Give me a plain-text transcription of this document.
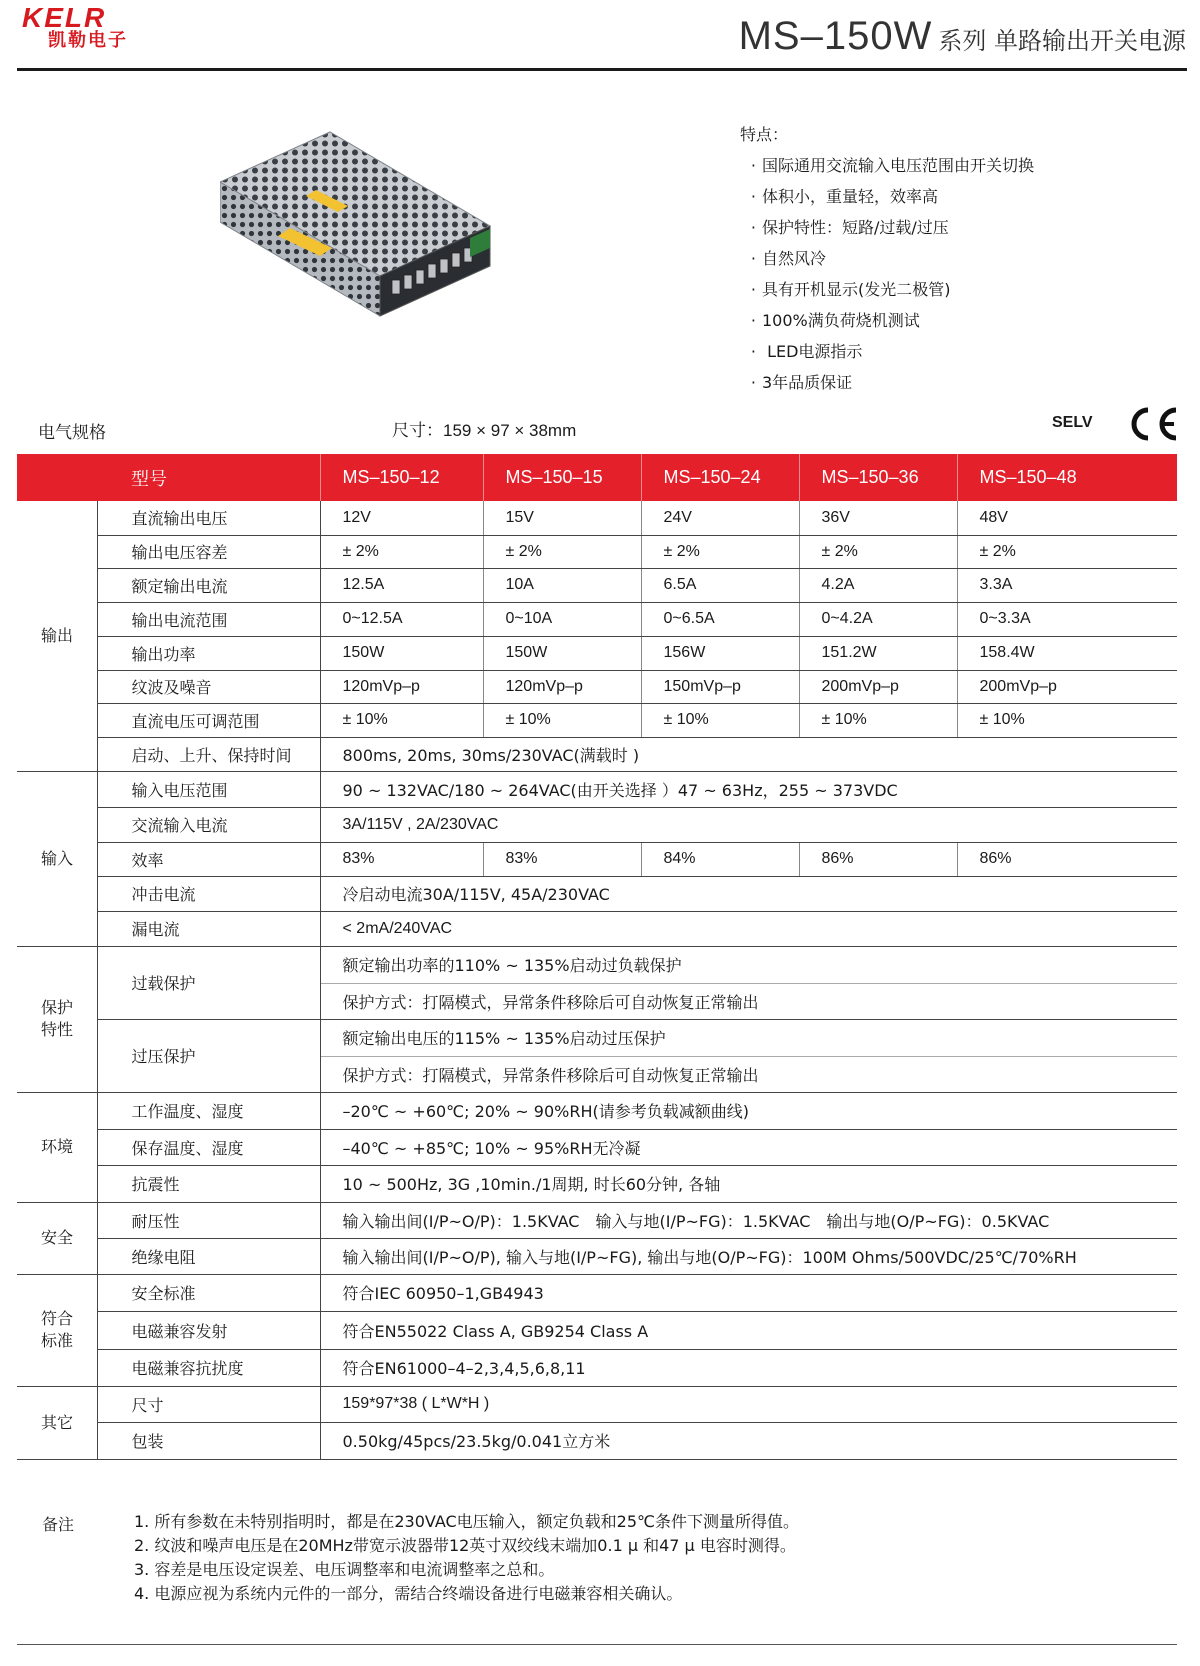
KELR
凯勒电子	MS–150W 系列 单路输出开关电源
特点：
· 国际通用交流输入电压范围由开关切换
· 体积小，重量轻，效率高
· 保护特性：短路/过载/过压
· 自然风冷
· 具有开机显示(发光二极管)
· 100%满负荷烧机测试
· LED电源指示
· 3年品质保证
电气规格	尺寸：159 × 97 × 38mm	SELV
	型号	MS–150–12	MS–150–15	MS–150–24	MS–150–36	MS–150–48
输出	直流输出电压	12V	15V	24V	36V	48V
	输出电压容差	± 2%	± 2%	± 2%	± 2%	± 2%
	额定输出电流	12.5A	10A	6.5A	4.2A	3.3A
	输出电流范围	0~12.5A	0~10A	0~6.5A	0~4.2A	0~3.3A
	输出功率	150W	150W	156W	151.2W	158.4W
	纹波及噪音	120mVp–p	120mVp–p	150mVp–p	200mVp–p	200mVp–p
	直流电压可调范围	± 10%	± 10%	± 10%	± 10%	± 10%
	启动、上升、保持时间	800ms, 20ms, 30ms/230VAC(满载时 )				
输入	输入电压范围	90 ~ 132VAC/180 ~ 264VAC(由开关选择 ）47 ~ 63Hz，255 ~ 373VDC				
	交流输入电流	3A/115V , 2A/230VAC				
	效率	83%	83%	84%	86%	86%
	冲击电流	冷启动电流30A/115V, 45A/230VAC				
	漏电流	< 2mA/240VAC				
保护
特性	过载保护	额定输出功率的110% ~ 135%启动过负载保护				
		保护方式：打隔模式，异常条件移除后可自动恢复正常输出				
	过压保护	额定输出电压的115% ~ 135%启动过压保护				
		保护方式：打隔模式，异常条件移除后可自动恢复正常输出				
环境	工作温度、湿度	–20℃ ~ +60℃; 20% ~ 90%RH(请参考负载减额曲线)				
	保存温度、湿度	–40℃ ~ +85℃; 10% ~ 95%RH无冷凝				
	抗震性	10 ~ 500Hz, 3G ,10min./1周期, 时长60分钟, 各轴				
安全	耐压性	输入输出间(I/P~O/P)：1.5KVAC　输入与地(I/P~FG)：1.5KVAC　输出与地(O/P~FG)：0.5KVAC				
	绝缘电阻	输入输出间(I/P~O/P), 输入与地(I/P~FG), 输出与地(O/P~FG)：100M Ohms/500VDC/25℃/70%RH				
符合
标准	安全标准	符合IEC 60950–1,GB4943				
	电磁兼容发射	符合EN55022 Class A, GB9254 Class A				
	电磁兼容抗扰度	符合EN61000–4–2,3,4,5,6,8,11				
其它	尺寸	159*97*38 ( L*W*H )				
	包装	0.50kg/45pcs/23.5kg/0.041立方米				
备注	1. 所有参数在未特别指明时，都是在230VAC电压输入，额定负载和25℃条件下测量所得值。
2. 纹波和噪声电压是在20MHz带宽示波器带12英寸双绞线末端加0.1 μ 和47 μ 电容时测得。
3. 容差是电压设定误差、电压调整率和电流调整率之总和。
4. 电源应视为系统内元件的一部分，需结合终端设备进行电磁兼容相关确认。
